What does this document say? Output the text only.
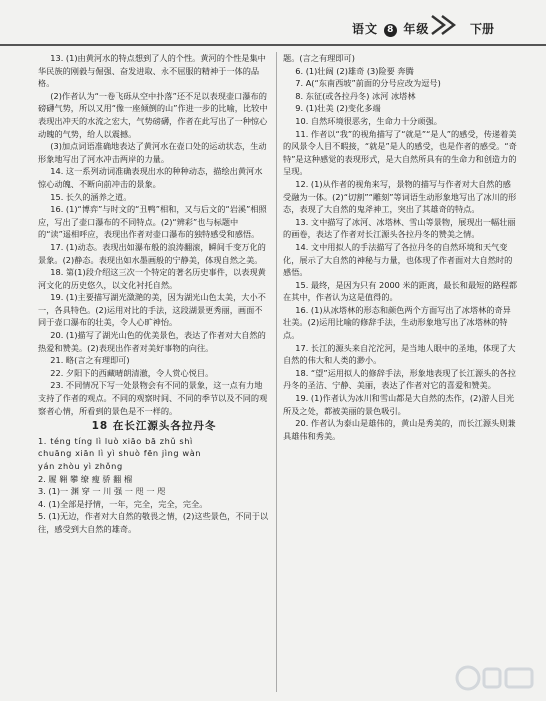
语文 8 年级	下册

13. (1)由黄河水的特点想到了人的个性。黄河的个性是集中华民族的刚毅与倔强、奋发进取、永不屈服的精神于一体的品格。

(2)作者认为“一卷飞砾从空中扑落”还不足以表现壶口瀑布的磅礴气势，所以又用“像一座倾倒的山”作进一步的比喻，比较中表现出冲天的水流之宏大，气势磅礴，作者在此写出了一种惊心动魄的气势，给人以震撼。

(3)加点词语准确地表达了黄河水在壶口处的运动状态，生动形象地写出了河水冲击两岸的力量。

14. 这一系列动词准确表现出水的种种动态，描绘出黄河水惊心动魄、不断向前冲击的景象。

15. 长久的涵养之道。

16. (1)“博弈”与时文的“丑鸭”相和，又与后文的“岩溪”相照应，写出了壶口瀑布的不同特点。(2)“辨彩”也与标题中的“读”遥相呼应，表现出作者对壶口瀑布的独特感受和感悟。

17. (1)动态。表现出如瀑布般的浪涛翻滚，瞬间千变万化的景象。(2)静态。表现出如水墨画般的宁静美，体现自然之美。

18. 第(1)段介绍这三次一个特定的著名历史事件，以表现黄河文化的历史悠久，以文化衬托自然。

19. (1)主要描写湖光潋滟的美，因为湖光山色太美，大小不一，各具特色。(2)运用对比的手法，这段湖景更秀丽，画面不同于壶口瀑布的壮美，令人心旷神怡。

20. (1)描写了湖光山色的优美景色，表达了作者对大自然的热爱和赞美。(2)表现出作者对美好事物的向往。

21. 略(言之有理即可)

22. 夕阳下的西藏晴朗清澈，令人赏心悦目。

23. 不同情况下写一处景物会有不同的景象，这一点有力地支持了作者的观点。不同的观察时间、不同的季节以及不同的观察者心情，所看到的景色是不一样的。

18 在长江源头各拉丹冬
1. téng tíng lì luò xiāo bā zhǔ shì
chuāng xiān lì yì shuò fēn jìng wàn
yán zhòu yì zhǒng
2. 履 翱 攀 缭 瘦 骄 翻 榴
3. (1)一 渊 穿 一 川 强 一 咫 一 咫
4. (1)全部是抒情，一年，完全，完全，完全。
5. (1)无边，作者对大自然的敬畏之情，(2)这些景色，不同于以往，感受到大自然的雄奇。

题。(言之有理即可)

6. (1)壮阔 (2)雄奇 (3)险要 奔腾

7. A(“东南西坡”前面的分号应改为逗号)

8. 东征(或各拉丹冬) 冰河 冰塔林

9. (1)壮美 (2)变化多端

10. 自然环境很恶劣，生命力十分顽强。

11. 作者以“我”的视角描写了“就是”“是人”的感受，传递着美的风景令人目不暇接，“就是”是人的感受，也是作者的感受。“奇特”是这种感觉的表现形式，是大自然所具有的生命力和创造力的呈现。

12. (1)从作者的视角来写，景物的描写与作者对大自然的感受融为一体。(2)“切割”“雕刻”等词语生动形象地写出了冰川的形态，表现了大自然的鬼斧神工，突出了其雄奇的特点。

13. 文中描写了冰河、冰塔林、雪山等景物，展现出一幅壮丽的画卷，表达了作者对长江源头各拉丹冬的赞美之情。

14. 文中用拟人的手法描写了各拉丹冬的自然环境和天气变化，展示了大自然的神秘与力量，也体现了作者面对大自然时的感悟。

15. 最终，是因为只有 2000 米的距离，最长和最短的路程都在其中，作者认为这是值得的。

16. (1)从冰塔林的形态和颜色两个方面写出了冰塔林的奇异壮美。(2)运用比喻的修辞手法，生动形象地写出了冰塔林的特点。

17. 长江的源头来自沱沱河，是当地人眼中的圣地，体现了大自然的伟大和人类的渺小。

18. “望”运用拟人的修辞手法，形象地表现了长江源头的各拉丹冬的圣洁、宁静、美丽，表达了作者对它的喜爱和赞美。

19. (1)作者认为冰川和雪山都是大自然的杰作，(2)游人目光所及之处，都被美丽的景色吸引。

20. 作者认为泰山是雄伟的，黄山是秀美的，而长江源头则兼具雄伟和秀美。
